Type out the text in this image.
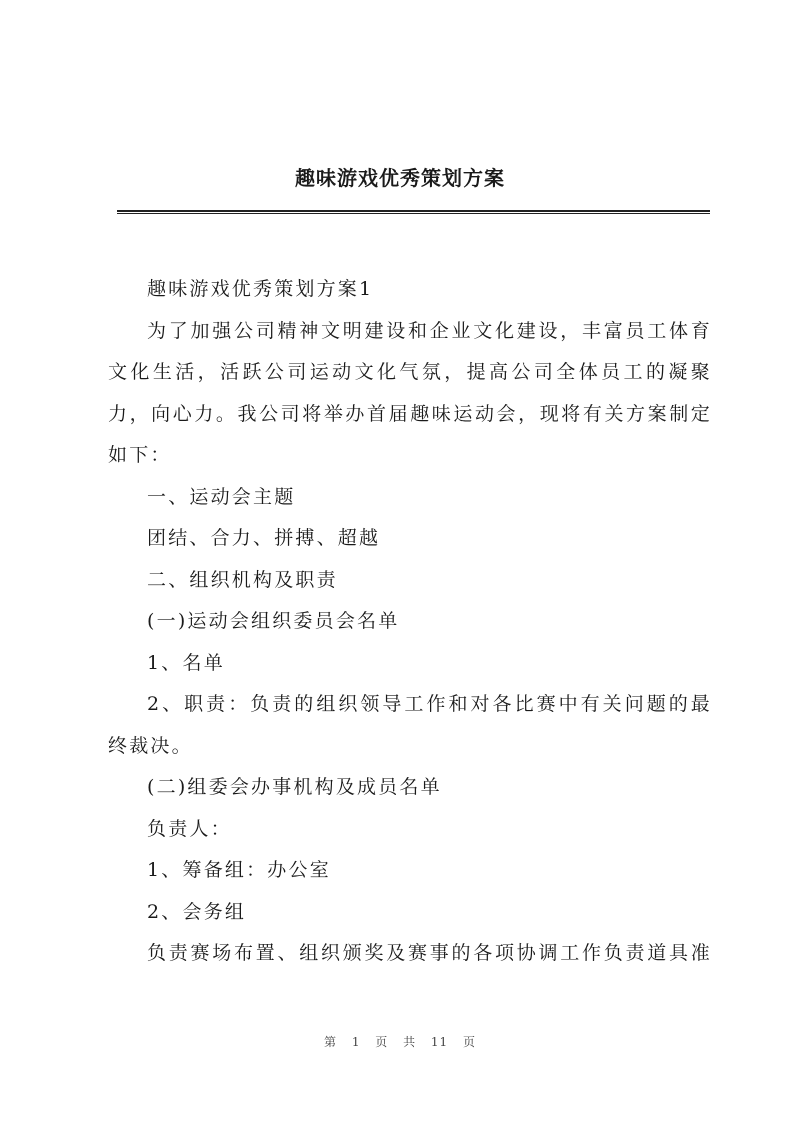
趣味游戏优秀策划方案

趣味游戏优秀策划方案1

为了加强公司精神文明建设和企业文化建设，丰富员工体育文化生活，活跃公司运动文化气氛，提高公司全体员工的凝聚力，向心力。我公司将举办首届趣味运动会，现将有关方案制定如下：

一、运动会主题

团结、合力、拼搏、超越

二、组织机构及职责

(一)运动会组织委员会名单

1、名单

2、职责：负责的组织领导工作和对各比赛中有关问题的最终裁决。

(二)组委会办事机构及成员名单

负责人：

1、筹备组：办公室

2、会务组

负责赛场布置、组织颁奖及赛事的各项协调工作负责道具准

第 1 页 共 11 页
